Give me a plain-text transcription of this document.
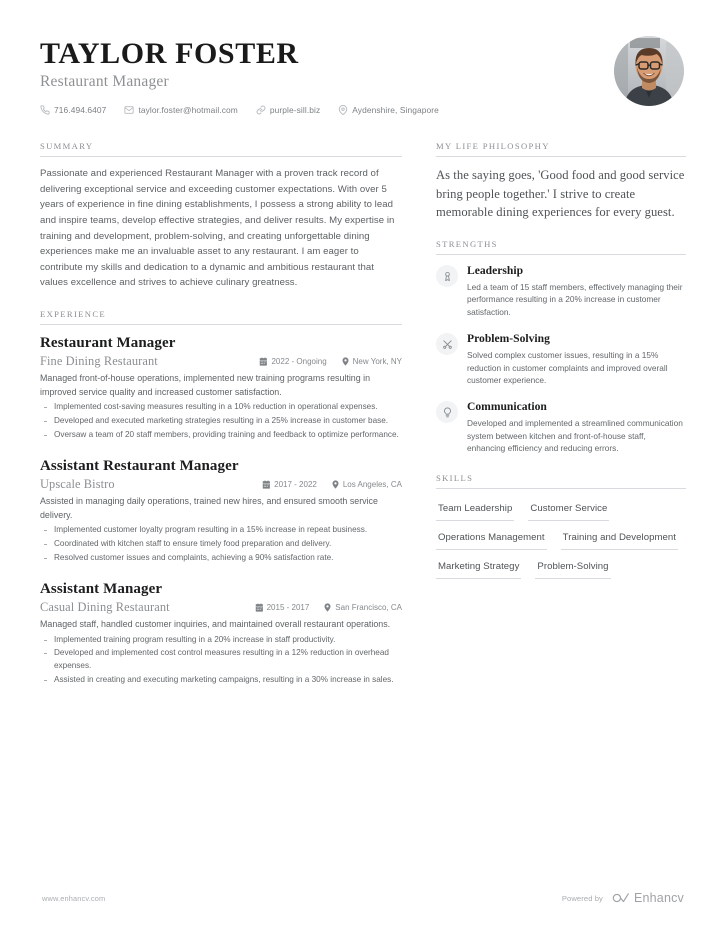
TAYLOR FOSTER
Restaurant Manager
716.494.6407	taylor.foster@hotmail.com	purple-sill.biz	Aydenshire, Singapore
SUMMARY
Passionate and experienced Restaurant Manager with a proven track record of delivering exceptional service and exceeding customer expectations. With over 5 years of experience in fine dining establishments, I possess a strong ability to lead and inspire teams, develop effective strategies, and deliver results. My expertise in training and development, problem-solving, and creating unforgettable dining experiences make me an invaluable asset to any restaurant. I am eager to contribute my skills and dedication to a dynamic and ambitious restaurant that values excellence and strives to achieve culinary greatness.
EXPERIENCE
Restaurant Manager
Fine Dining Restaurant	2022 - Ongoing	New York, NY
Managed front-of-house operations, implemented new training programs resulting in improved service quality and increased customer satisfaction.
Implemented cost-saving measures resulting in a 10% reduction in operational expenses.
Developed and executed marketing strategies resulting in a 25% increase in customer base.
Oversaw a team of 20 staff members, providing training and feedback to optimize performance.
Assistant Restaurant Manager
Upscale Bistro	2017 - 2022	Los Angeles, CA
Assisted in managing daily operations, trained new hires, and ensured smooth service delivery.
Implemented customer loyalty program resulting in a 15% increase in repeat business.
Coordinated with kitchen staff to ensure timely food preparation and delivery.
Resolved customer issues and complaints, achieving a 90% satisfaction rate.
Assistant Manager
Casual Dining Restaurant	2015 - 2017	San Francisco, CA
Managed staff, handled customer inquiries, and maintained overall restaurant operations.
Implemented training program resulting in a 20% increase in staff productivity.
Developed and implemented cost control measures resulting in a 12% reduction in overhead expenses.
Assisted in creating and executing marketing campaigns, resulting in a 30% increase in sales.
MY LIFE PHILOSOPHY
As the saying goes, 'Good food and good service bring people together.' I strive to create memorable dining experiences for every guest.
STRENGTHS
Leadership
Led a team of 15 staff members, effectively managing their performance resulting in a 20% increase in customer satisfaction.
Problem-Solving
Solved complex customer issues, resulting in a 15% reduction in customer complaints and improved overall customer experience.
Communication
Developed and implemented a streamlined communication system between kitchen and front-of-house staff, enhancing efficiency and reducing errors.
SKILLS
Team Leadership Customer Service
Operations Management Training and Development
Marketing Strategy Problem-Solving
www.enhancv.com	Powered by Enhancv
